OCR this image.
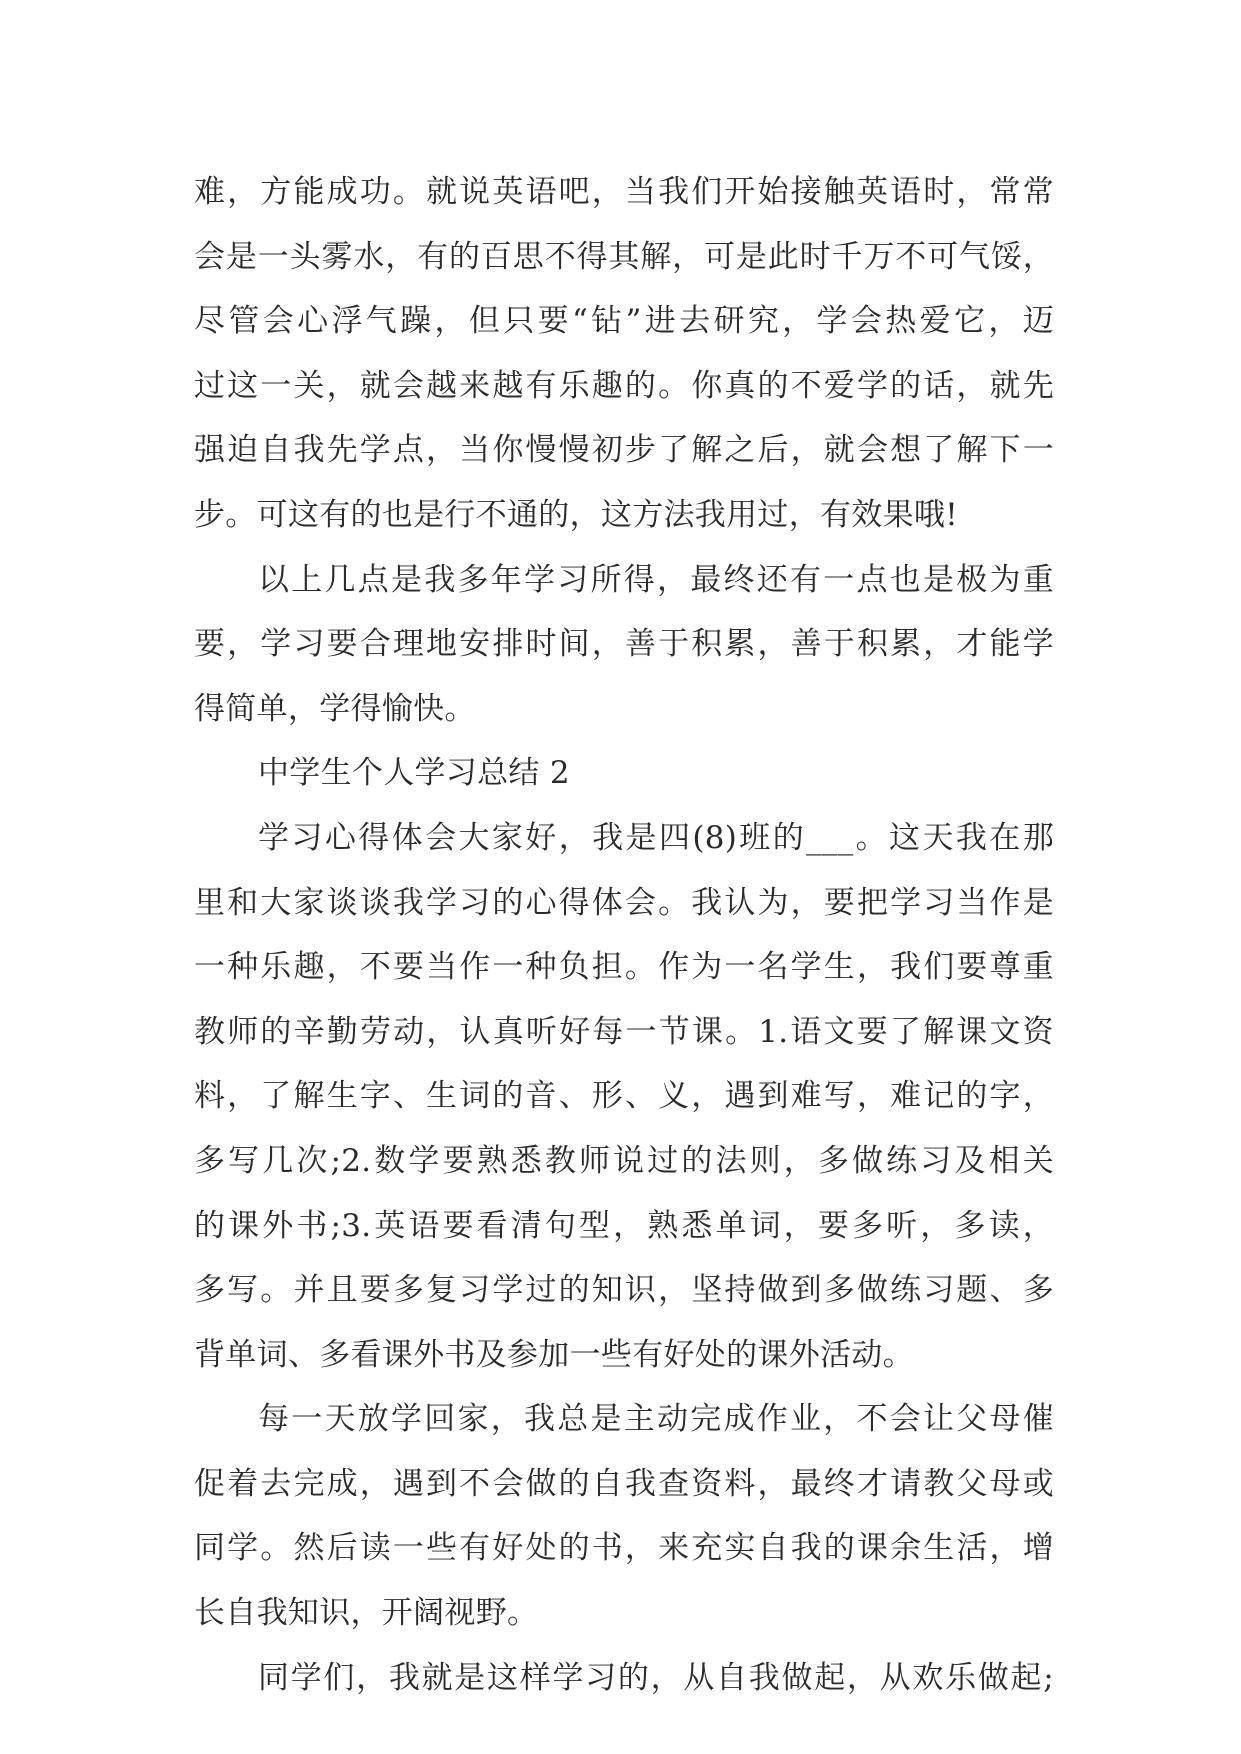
难，方能成功。就说英语吧，当我们开始接触英语时，常常
会是一头雾水，有的百思不得其解，可是此时千万不可气馁，
尽管会心浮气躁，但只要“钻”进去研究，学会热爱它，迈
过这一关，就会越来越有乐趣的。你真的不爱学的话，就先
强迫自我先学点，当你慢慢初步了解之后，就会想了解下一
步。可这有的也是行不通的，这方法我用过，有效果哦!
以上几点是我多年学习所得，最终还有一点也是极为重
要，学习要合理地安排时间，善于积累，善于积累，才能学
得简单，学得愉快。
中学生个人学习总结 2
学习心得体会大家好，我是四(8)班的___。这天我在那
里和大家谈谈我学习的心得体会。我认为，要把学习当作是
一种乐趣，不要当作一种负担。作为一名学生，我们要尊重
教师的辛勤劳动，认真听好每一节课。1.语文要了解课文资
料，了解生字、生词的音、形、义，遇到难写，难记的字，
多写几次;2.数学要熟悉教师说过的法则，多做练习及相关
的课外书;3.英语要看清句型，熟悉单词，要多听，多读，
多写。并且要多复习学过的知识，坚持做到多做练习题、多
背单词、多看课外书及参加一些有好处的课外活动。
每一天放学回家，我总是主动完成作业，不会让父母催
促着去完成，遇到不会做的自我查资料，最终才请教父母或
同学。然后读一些有好处的书，来充实自我的课余生活，增
长自我知识，开阔视野。
同学们，我就是这样学习的，从自我做起，从欢乐做起;
